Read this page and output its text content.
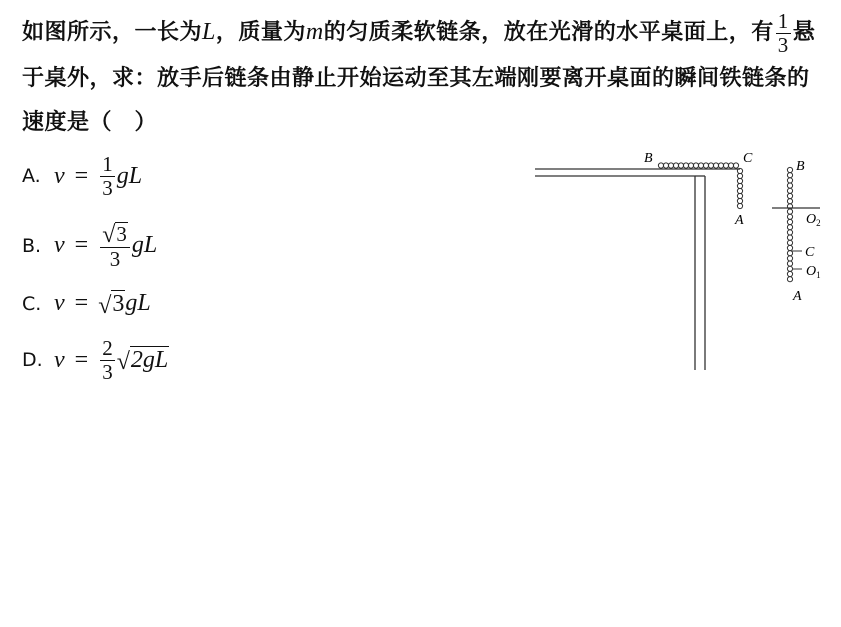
如图所示，一长为L，质量为m的匀质柔软链条，放在光滑的水平桌面上，有 $\frac{1}{3}$ 悬于桌外，求：放手后链条由静止开始运动至其左端刚要离开桌面的瞬间铁链条的速度是（　）
A. $v = \frac{1}{3}$ gL
B. $v = \frac{√ 3}{3}$ gL
C. v = √ 3 gL
D. $v = \frac{2}{3}$ √ 2gL
B	C
A
B
$O_2$
C
$O_1$
A
